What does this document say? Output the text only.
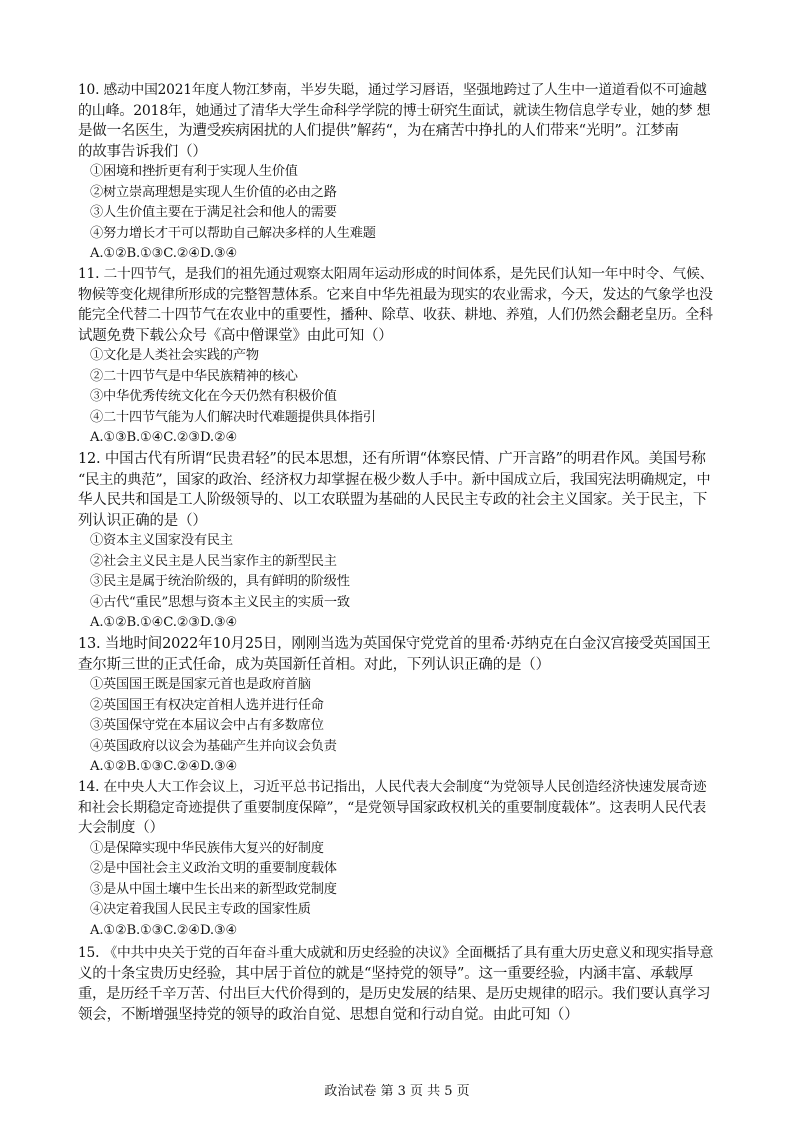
10. 感动中国2021年度人物江梦南，半岁失聪，通过学习唇语，坚强地跨过了人生中一道道看似不可逾越
的山峰。2018年，她通过了清华大学生命科学学院的博士研究生面试，就读生物信息学专业，她的梦 想
是做一名医生，为遭受疾病困扰的人们提供”解药“，为在痛苦中挣扎的人们带来“光明”。江梦南
的故事告诉我们（）
①困境和挫折更有利于实现人生价值
②树立崇高理想是实现人生价值的必由之路
③人生价值主要在于满足社会和他人的需要
④努力增长才干可以帮助自己解决多样的人生难题
A.①②B.①③C.②④D.③④
11. 二十四节气，是我们的祖先通过观察太阳周年运动形成的时间体系，是先民们认知一年中时令、气候、
物候等变化规律所形成的完整智慧体系。它来自中华先祖最为现实的农业需求，今天，发达的气象学也没
能完全代替二十四节气在农业中的重要性，播种、除草、收获、耕地、养殖，人们仍然会翻老皇历。全科
试题免费下载公众号《高中僧课堂》由此可知（）
①文化是人类社会实践的产物
②二十四节气是中华民族精神的核心
③中华优秀传统文化在今天仍然有积极价值
④二十四节气能为人们解决时代难题提供具体指引
A.①③B.①④C.②③D.②④
12. 中国古代有所谓“民贵君轻”的民本思想，还有所谓“体察民情、广开言路”的明君作风。美国号称
“民主的典范”，国家的政治、经济权力却掌握在极少数人手中。新中国成立后，我国宪法明确规定，中
华人民共和国是工人阶级领导的、以工农联盟为基础的人民民主专政的社会主义国家。关于民主，下
列认识正确的是（）
①资本主义国家没有民主
②社会主义民主是人民当家作主的新型民主
③民主是属于统治阶级的，具有鲜明的阶级性
④古代“重民”思想与资本主义民主的实质一致
A.①②B.①④C.②③D.③④
13. 当地时间2022年10月25日，刚刚当选为英国保守党党首的里希·苏纳克在白金汉宫接受英国国王
查尔斯三世的正式任命，成为英国新任首相。对此，下列认识正确的是（）
①英国国王既是国家元首也是政府首脑
②英国国王有权决定首相人选并进行任命
③英国保守党在本届议会中占有多数席位
④英国政府以议会为基础产生并向议会负责
A.①②B.①③C.②④D.③④
14. 在中央人大工作会议上，习近平总书记指出，人民代表大会制度“为党领导人民创造经济快速发展奇迹
和社会长期稳定奇迹提供了重要制度保障”，“是党领导国家政权机关的重要制度载体”。这表明人民代表
大会制度（）
①是保障实现中华民族伟大复兴的好制度
②是中国社会主义政治文明的重要制度载体
③是从中国土壤中生长出来的新型政党制度
④决定着我国人民民主专政的国家性质
A.①②B.①③C.②④D.③④
15. 《中共中央关于党的百年奋斗重大成就和历史经验的决议》全面概括了具有重大历史意义和现实指导意
义的十条宝贵历史经验，其中居于首位的就是“坚持党的领导”。这一重要经验，内涵丰富、承载厚
重，是历经千辛万苦、付出巨大代价得到的，是历史发展的结果、是历史规律的昭示。我们要认真学习
领会，不断增强坚持党的领导的政治自觉、思想自觉和行动自觉。由此可知（）
政治试卷 第 3 页 共 5 页
